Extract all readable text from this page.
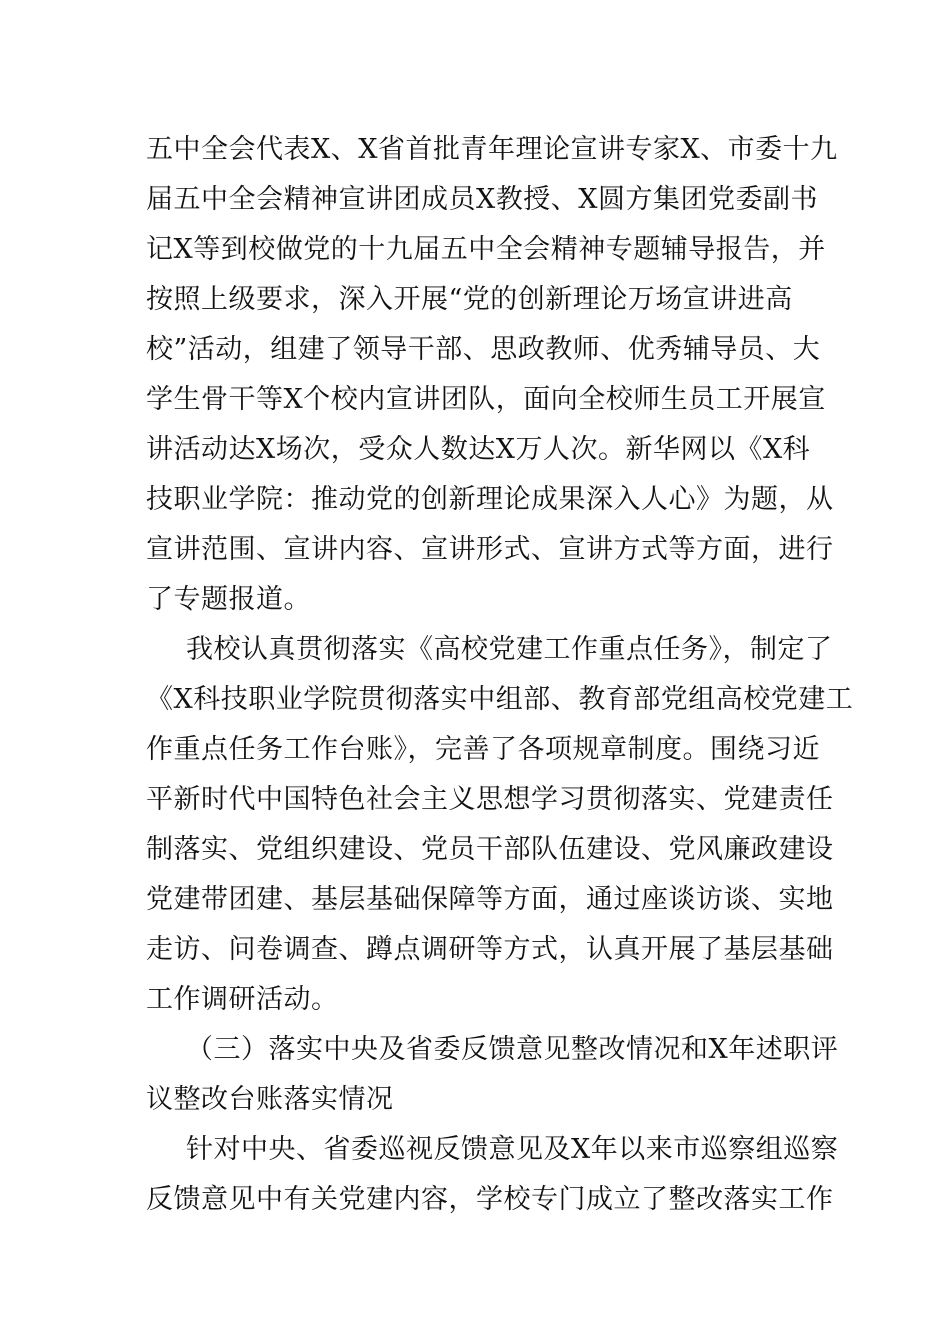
五中全会代表X、X省首批青年理论宣讲专家X、市委十九
届五中全会精神宣讲团成员X教授、X圆方集团党委副书
记X等到校做党的十九届五中全会精神专题辅导报告，并
按照上级要求，深入开展“党的创新理论万场宣讲进高
校”活动，组建了领导干部、思政教师、优秀辅导员、大
学生骨干等X个校内宣讲团队，面向全校师生员工开展宣
讲活动达X场次，受众人数达X万人次。新华网以《X科
技职业学院：推动党的创新理论成果深入人心》为题，从
宣讲范围、宣讲内容、宣讲形式、宣讲方式等方面，进行
了专题报道。
我校认真贯彻落实《高校党建工作重点任务》，制定了
《X科技职业学院贯彻落实中组部、教育部党组高校党建工
作重点任务工作台账》，完善了各项规章制度。围绕习近
平新时代中国特色社会主义思想学习贯彻落实、党建责任
制落实、党组织建设、党员干部队伍建设、党风廉政建设
党建带团建、基层基础保障等方面，通过座谈访谈、实地
走访、问卷调查、蹲点调研等方式，认真开展了基层基础
工作调研活动。
（三）落实中央及省委反馈意见整改情况和X年述职评
议整改台账落实情况
针对中央、省委巡视反馈意见及X年以来市巡察组巡察
反馈意见中有关党建内容，学校专门成立了整改落实工作
